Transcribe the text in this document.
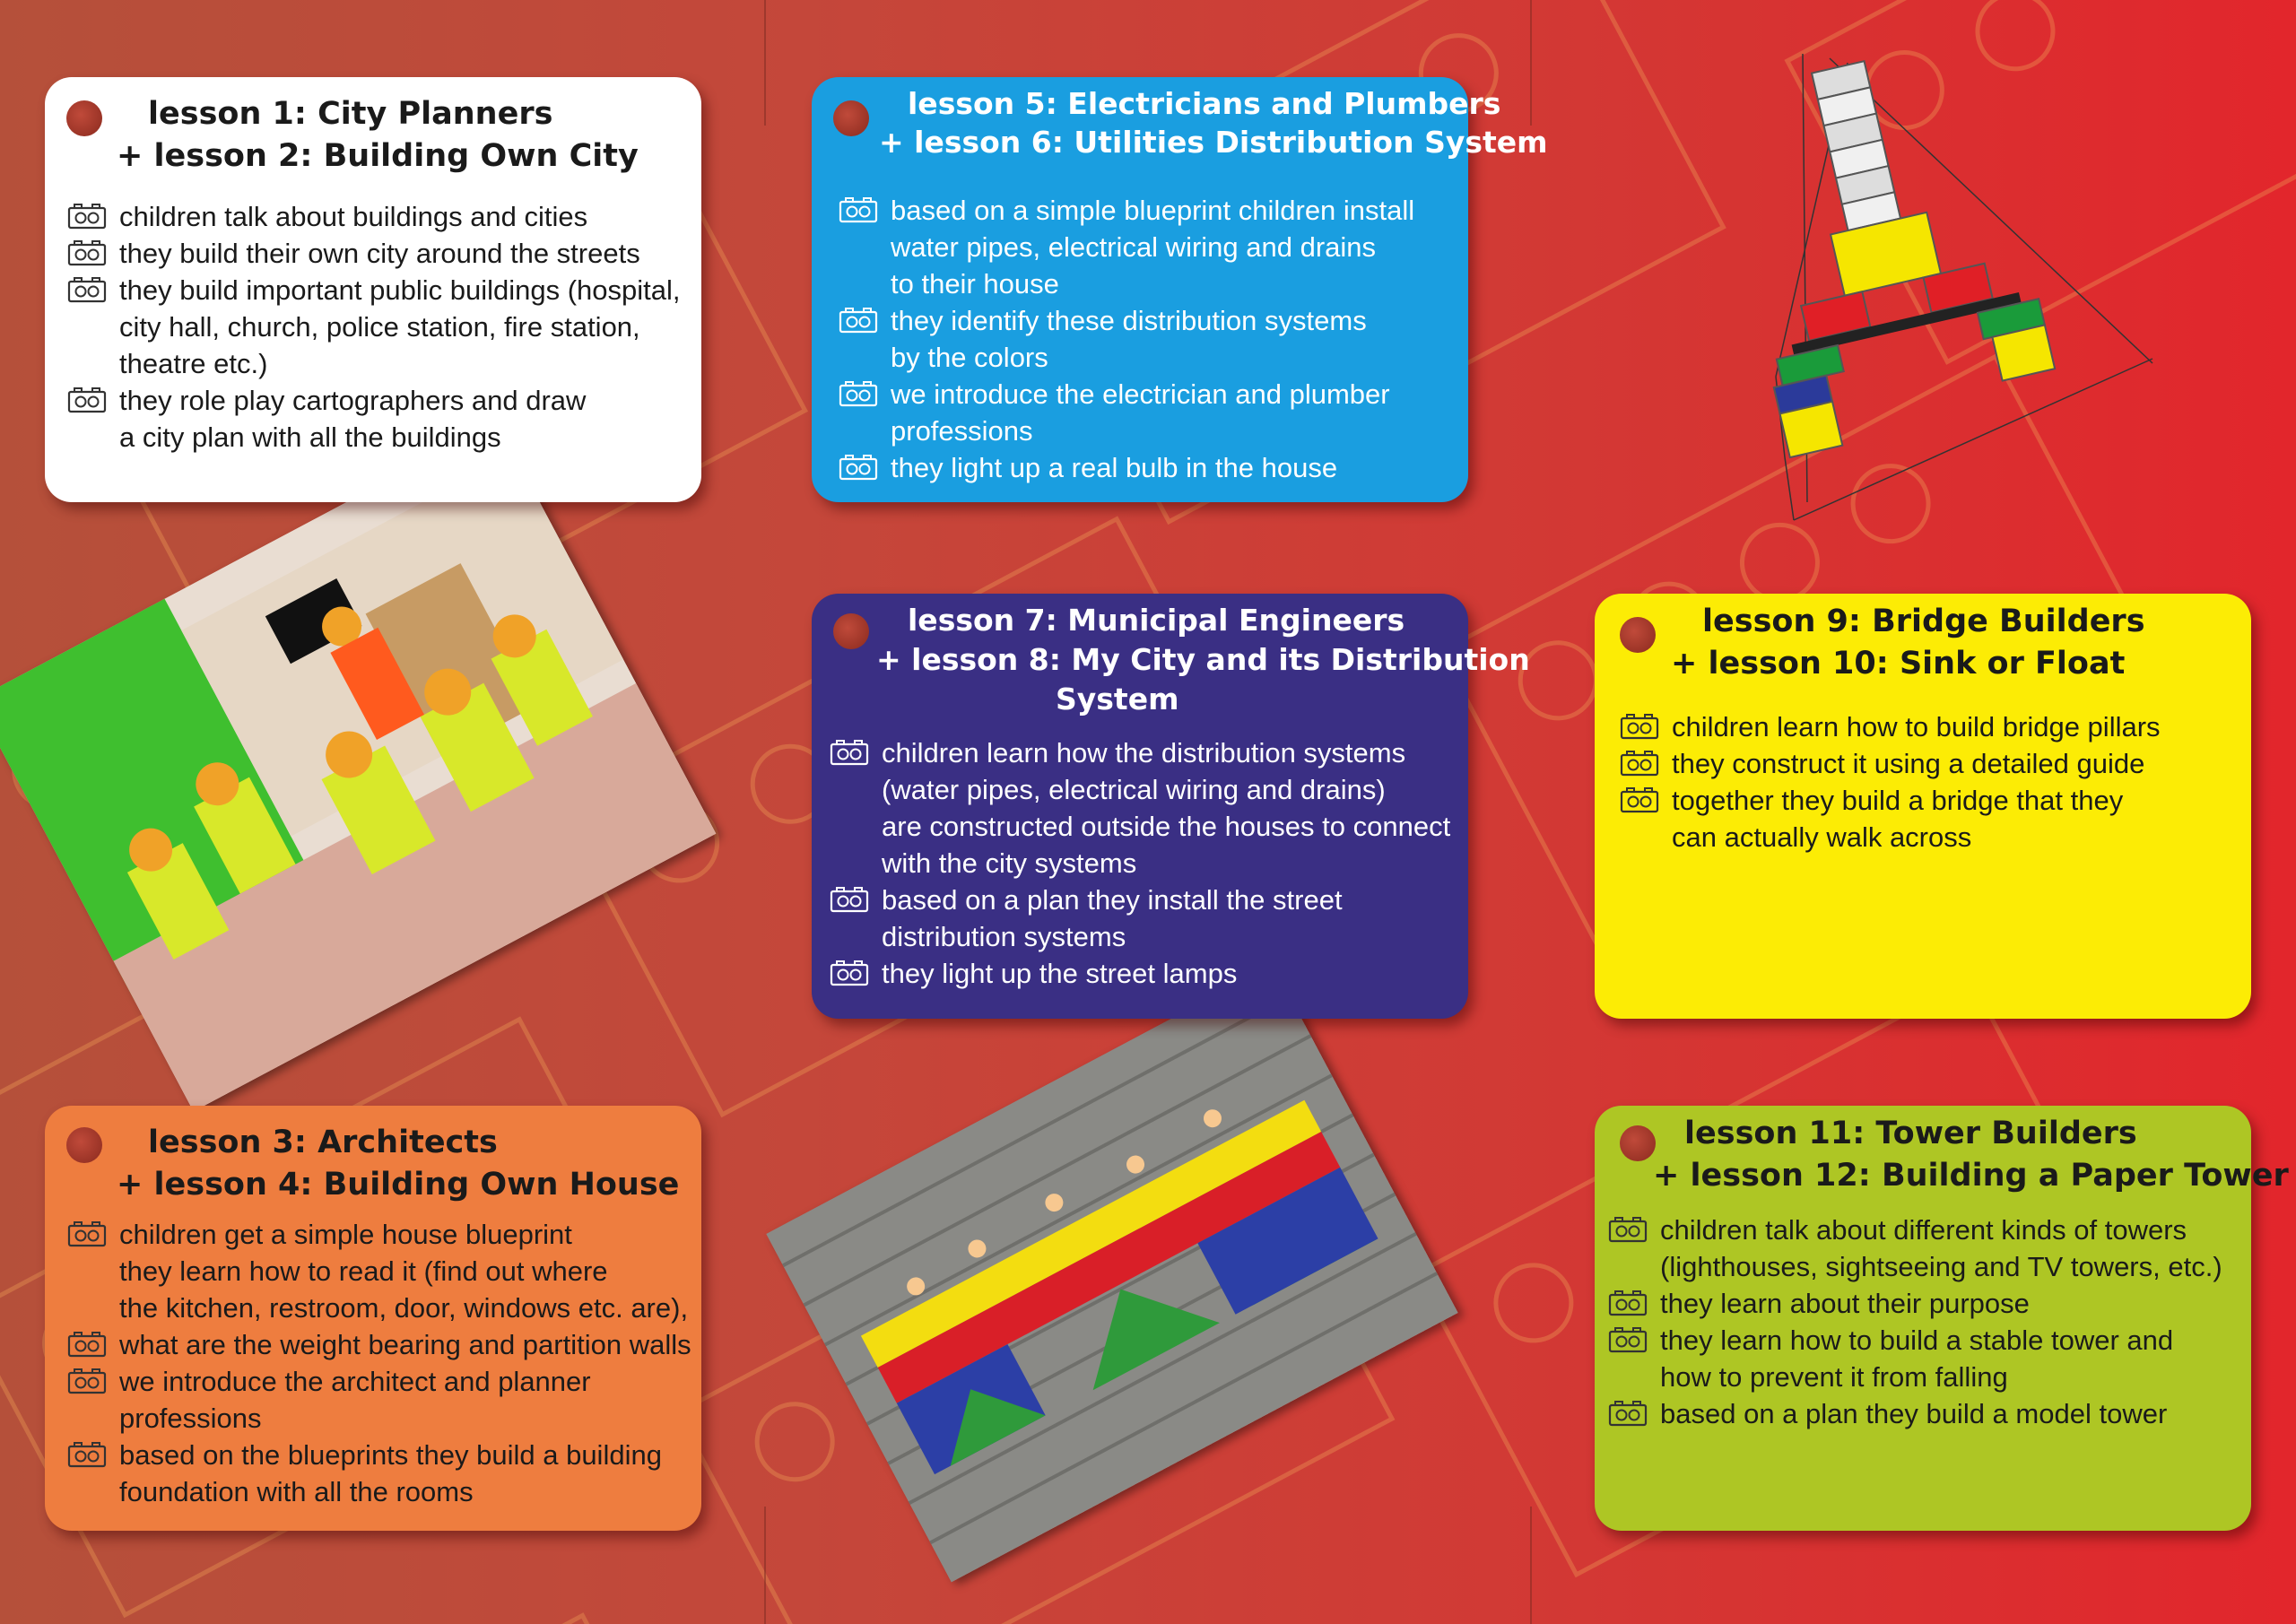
lesson 1: City Planners
+ lesson 2: Building Own City
children talk about buildings and cities
they build their own city around the streets
they build important public buildings (hospital,
city hall, church, police station, fire station,
theatre etc.)
they role play cartographers and draw
a city plan with all the buildings
lesson 5: Electricians and Plumbers
+ lesson 6: Utilities Distribution System
based on a simple blueprint children install
water pipes, electrical wiring and drains
to their house
they identify these distribution systems
by the colors
we introduce the electrician and plumber
professions
they light up a real bulb in the house
lesson 7: Municipal Engineers
+ lesson 8: My City and its Distribution
System
children learn how the distribution systems
(water pipes, electrical wiring and drains)
are constructed outside the houses to connect
with the city systems
based on a plan they install the street
distribution systems
they light up the street lamps
lesson 9: Bridge Builders
+ lesson 10: Sink or Float
children learn how to build bridge pillars
they construct it using a detailed guide
together they build a bridge that they
can actually walk across
lesson 3: Architects
+ lesson 4: Building Own House
children get a simple house blueprint
they learn how to read it (find out where
the kitchen, restroom, door, windows etc. are),
what are the weight bearing and partition walls
we introduce the architect and planner
professions
based on the blueprints they build a building
foundation with all the rooms
lesson 11: Tower Builders
+ lesson 12: Building a Paper Tower
children talk about different kinds of towers
(lighthouses, sightseeing and TV towers, etc.)
they learn about their purpose
they learn how to build a stable tower and
how to prevent it from falling
based on a plan they build a model tower
